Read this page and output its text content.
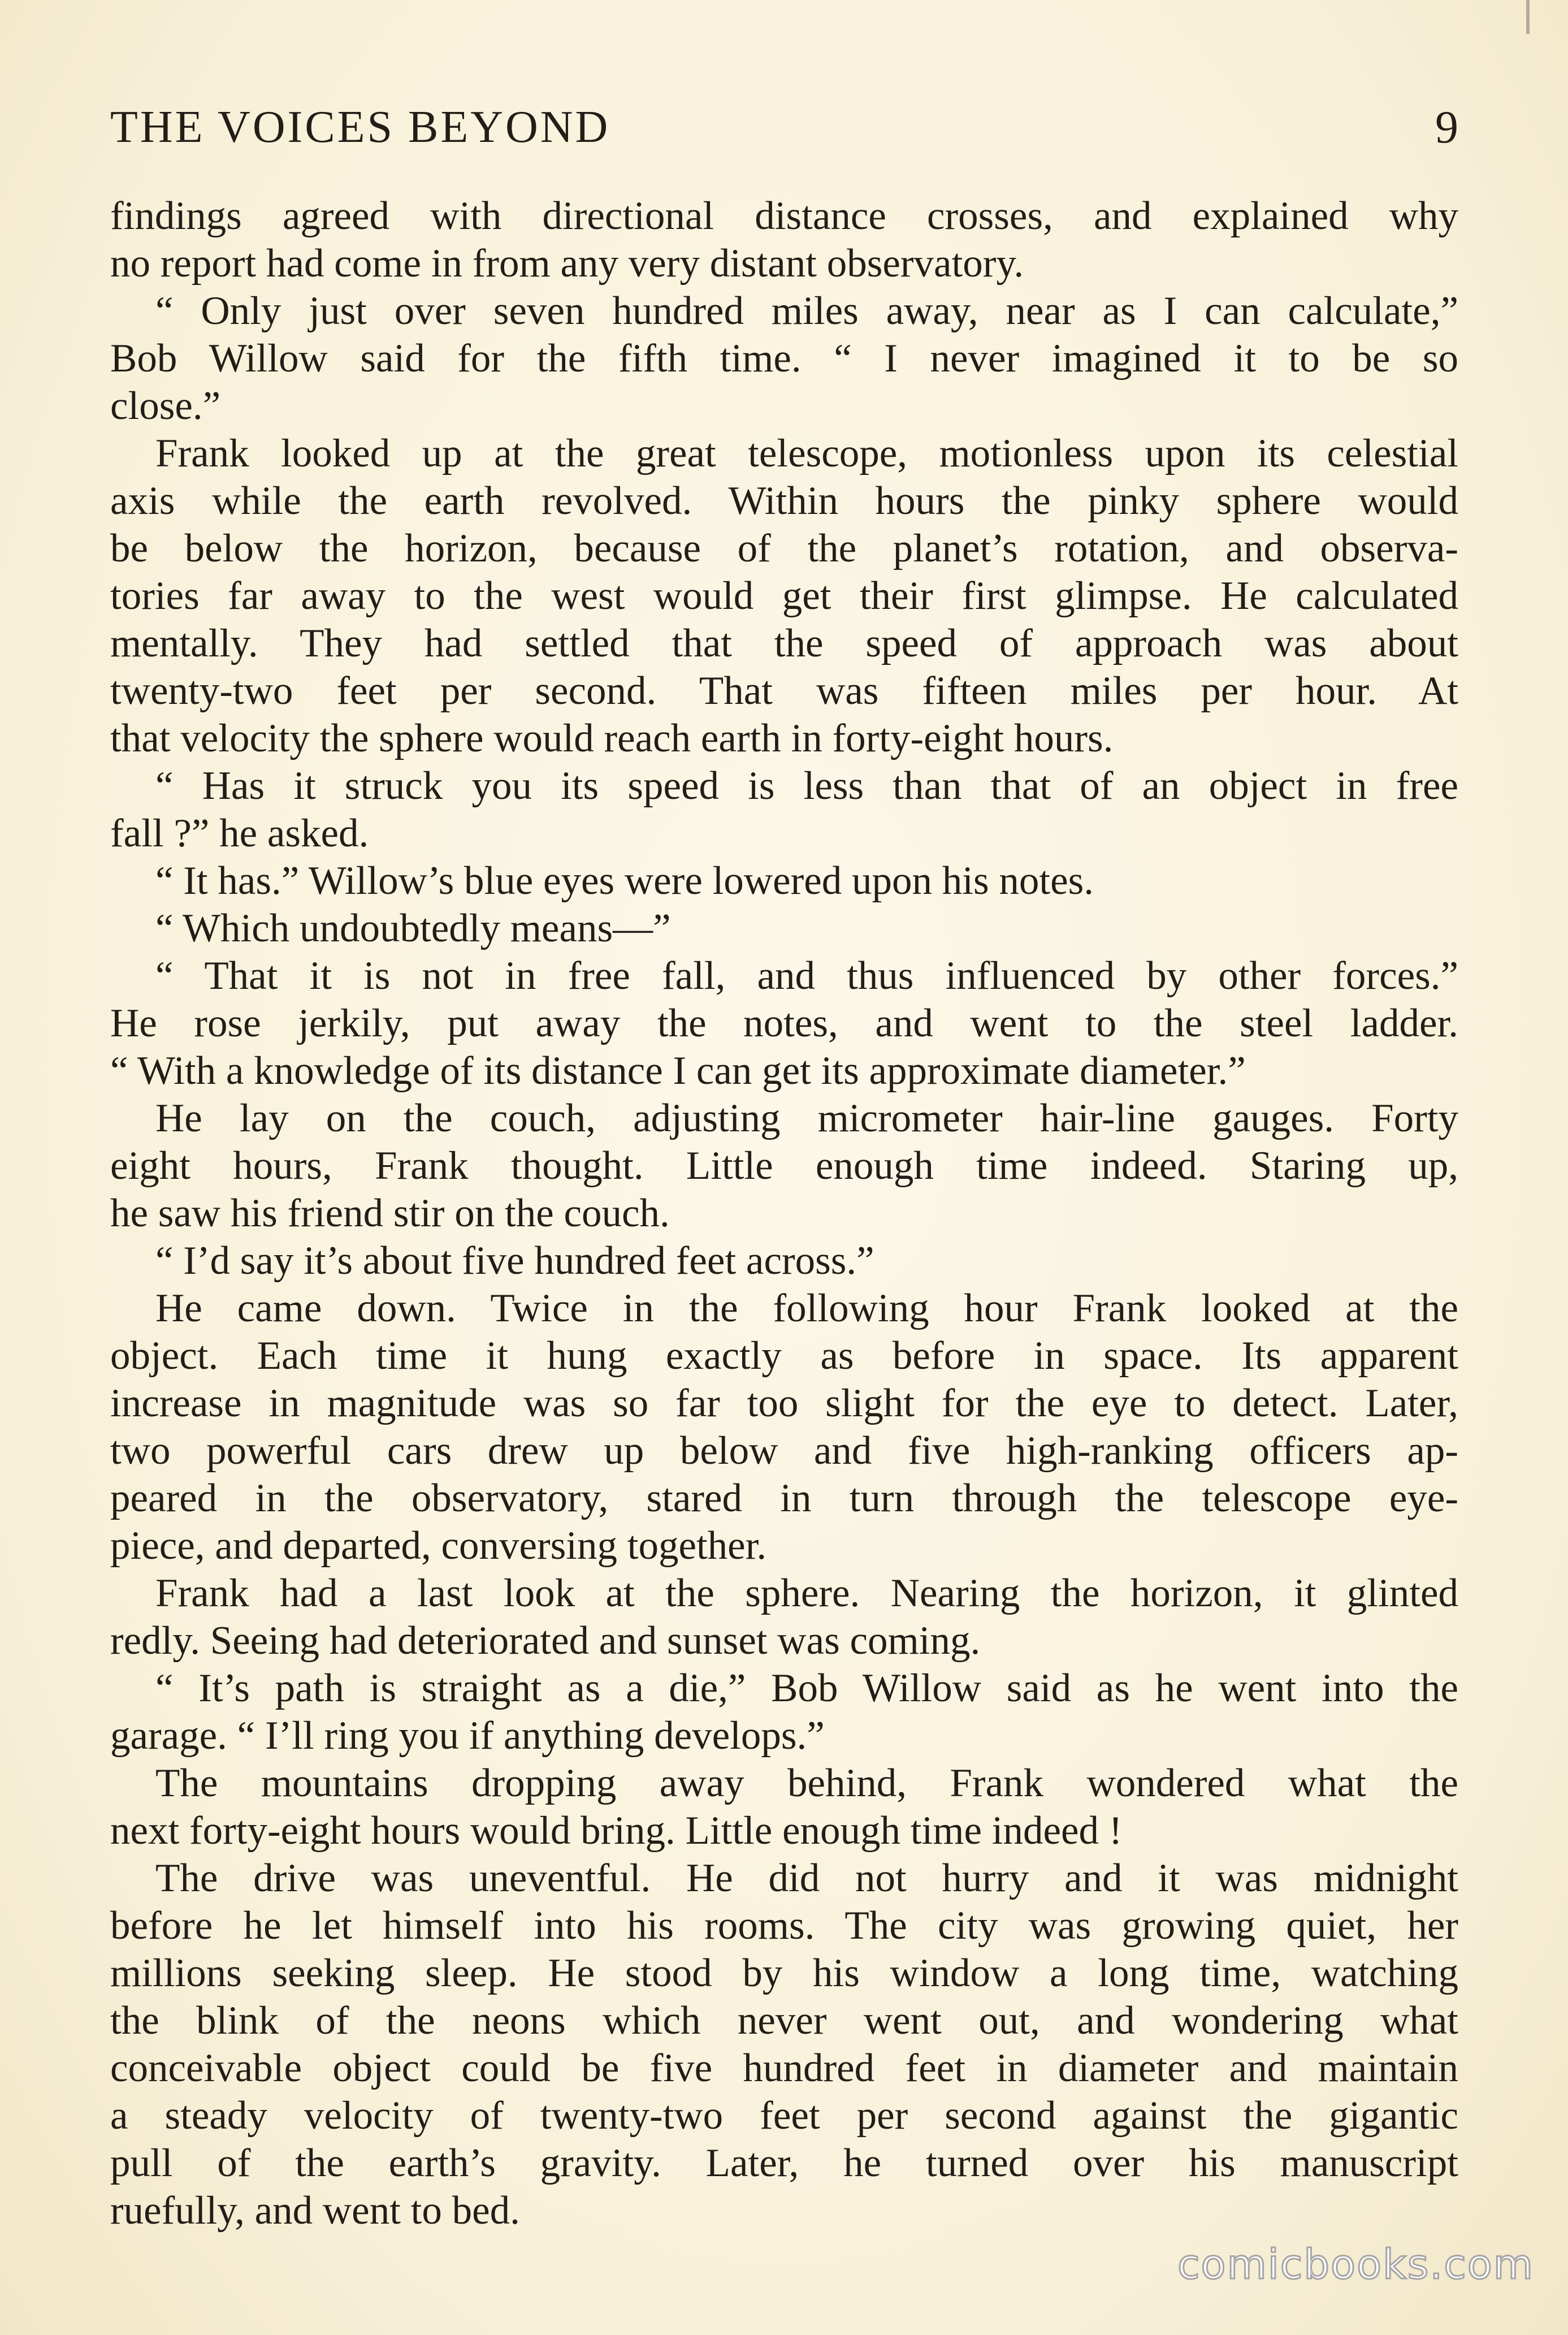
THE VOICES BEYOND	9
findings agreed with directional distance crosses, and explained why
no report had come in from any very distant observatory.
“ Only just over seven hundred miles away, near as I can calculate,”
Bob Willow said for the fifth time. “ I never imagined it to be so
close.”
Frank looked up at the great telescope, motionless upon its celestial
axis while the earth revolved. Within hours the pinky sphere would
be below the horizon, because of the planet’s rotation, and observa-
tories far away to the west would get their first glimpse. He calculated
mentally. They had settled that the speed of approach was about
twenty-two feet per second. That was fifteen miles per hour. At
that velocity the sphere would reach earth in forty-eight hours.
“ Has it struck you its speed is less than that of an object in free
fall ?” he asked.
“ It has.” Willow’s blue eyes were lowered upon his notes.
“ Which undoubtedly means—”
“ That it is not in free fall, and thus influenced by other forces.”
He rose jerkily, put away the notes, and went to the steel ladder.
“ With a knowledge of its distance I can get its approximate diameter.”
He lay on the couch, adjusting micrometer hair-line gauges. Forty
eight hours, Frank thought. Little enough time indeed. Staring up,
he saw his friend stir on the couch.
“ I’d say it’s about five hundred feet across.”
He came down. Twice in the following hour Frank looked at the
object. Each time it hung exactly as before in space. Its apparent
increase in magnitude was so far too slight for the eye to detect. Later,
two powerful cars drew up below and five high-ranking officers ap-
peared in the observatory, stared in turn through the telescope eye-
piece, and departed, conversing together.
Frank had a last look at the sphere. Nearing the horizon, it glinted
redly. Seeing had deteriorated and sunset was coming.
“ It’s path is straight as a die,” Bob Willow said as he went into the
garage. “ I’ll ring you if anything develops.”
The mountains dropping away behind, Frank wondered what the
next forty-eight hours would bring. Little enough time indeed !
The drive was uneventful. He did not hurry and it was midnight
before he let himself into his rooms. The city was growing quiet, her
millions seeking sleep. He stood by his window a long time, watching
the blink of the neons which never went out, and wondering what
conceivable object could be five hundred feet in diameter and maintain
a steady velocity of twenty-two feet per second against the gigantic
pull of the earth’s gravity. Later, he turned over his manuscript
ruefully, and went to bed.
comicbooks.com
